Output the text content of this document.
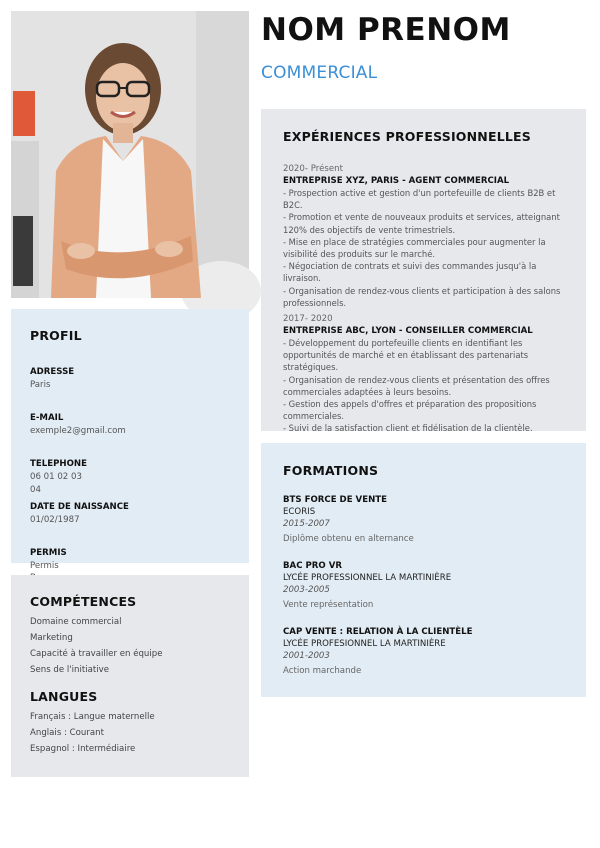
NOM PRENOM
COMMERCIAL
EXPÉRIENCES PROFESSIONNELLES
2020- Présent
ENTREPRISE XYZ, PARIS - AGENT COMMERCIAL
- Prospection active et gestion d'un portefeuille de clients B2B et B2C.
- Promotion et vente de nouveaux produits et services, atteignant 120% des objectifs de vente trimestriels.
- Mise en place de stratégies commerciales pour augmenter la visibilité des produits sur le marché.
- Négociation de contrats et suivi des commandes jusqu'à la livraison.
- Organisation de rendez-vous clients et participation à des salons professionnels.
2017- 2020
ENTREPRISE ABC, LYON - CONSEILLER COMMERCIAL
- Développement du portefeuille clients en identifiant les opportunités de marché et en établissant des partenariats stratégiques.
- Organisation de rendez-vous clients et présentation des offres commerciales adaptées à leurs besoins.
- Gestion des appels d'offres et préparation des propositions commerciales.
- Suivi de la satisfaction client et fidélisation de la clientèle.
FORMATIONS
BTS FORCE DE VENTE
ECORIS
2015-2007
Diplôme obtenu en alternance
BAC PRO VR
LYCÉE PROFESSIONNEL LA MARTINIÈRE
2003-2005
Vente représentation
CAP VENTE : RELATION À LA CLIENTÈLE
LYCÉE PROFESIONNEL LA MARTINIÈRE
2001-2003
Action marchande
PROFIL
ADRESSE
Paris
E-MAIL
exemple2@gmail.com
TELEPHONE
06 01 02 03
04
DATE DE NAISSANCE
01/02/1987
PERMIS
Permis
COMPÉTENCES
Domaine commercial
Marketing
Capacité à travailler en équipe
Sens de l'initiative
LANGUES
Français : Langue maternelle
Anglais : Courant
Espagnol : Intermédiaire
